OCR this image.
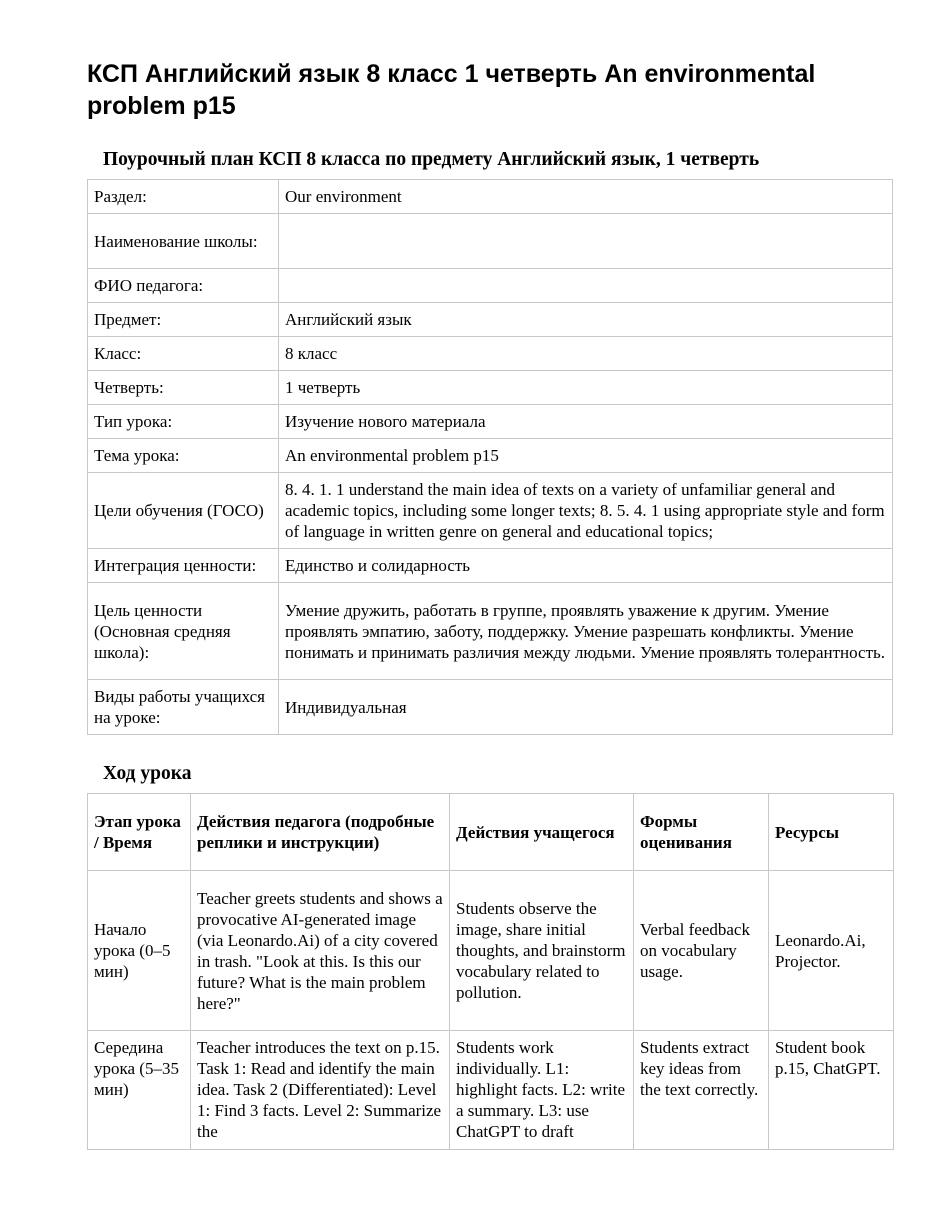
КСП Английский язык 8 класс 1 четверть An environmental problem p15
Поурочный план КСП 8 класса по предмету Английский язык, 1 четверть
Раздел:	Our environment
Наименование школы:	
ФИО педагога:	
Предмет:	Английский язык
Класс:	8 класс
Четверть:	1 четверть
Тип урока:	Изучение нового материала
Тема урока:	An environmental problem p15
Цели обучения (ГОСО)	8. 4. 1. 1 understand the main idea of texts on a variety of unfamiliar general and academic topics, including some longer texts; 8. 5. 4. 1 using appropriate style and form of language in written genre on general and educational topics;
Интеграция ценности:	Единство и солидарность
Цель ценности (Основная средняя школа):	Умение дружить, работать в группе, проявлять уважение к другим. Умение проявлять эмпатию, заботу, поддержку. Умение разрешать конфликты. Умение понимать и принимать различия между людьми. Умение проявлять толерантность.
Виды работы учащихся на уроке:	Индивидуальная
Ход урока
Этап урока / Время	Действия педагога (подробные реплики и инструкции)	Действия учащегося	Формы оценивания	Ресурсы
Начало урока (0–5 мин)	Teacher greets students and shows a provocative AI-generated image (via Leonardo.Ai) of a city covered in trash. "Look at this. Is this our future? What is the main problem here?"	Students observe the image, share initial thoughts, and brainstorm vocabulary related to pollution.	Verbal feedback on vocabulary usage.	Leonardo.Ai, Projector.

Середина урока (5–35 мин)	Teacher introduces the text on p.15. Task 1: Read and identify the main idea. Task 2 (Differentiated): Level 1: Find 3 facts. Level 2: Summarize the	Students work individually. L1: highlight facts. L2: write a summary. L3: use ChatGPT to draft	Students extract key ideas from the text correctly.	Student book p.15, ChatGPT.
